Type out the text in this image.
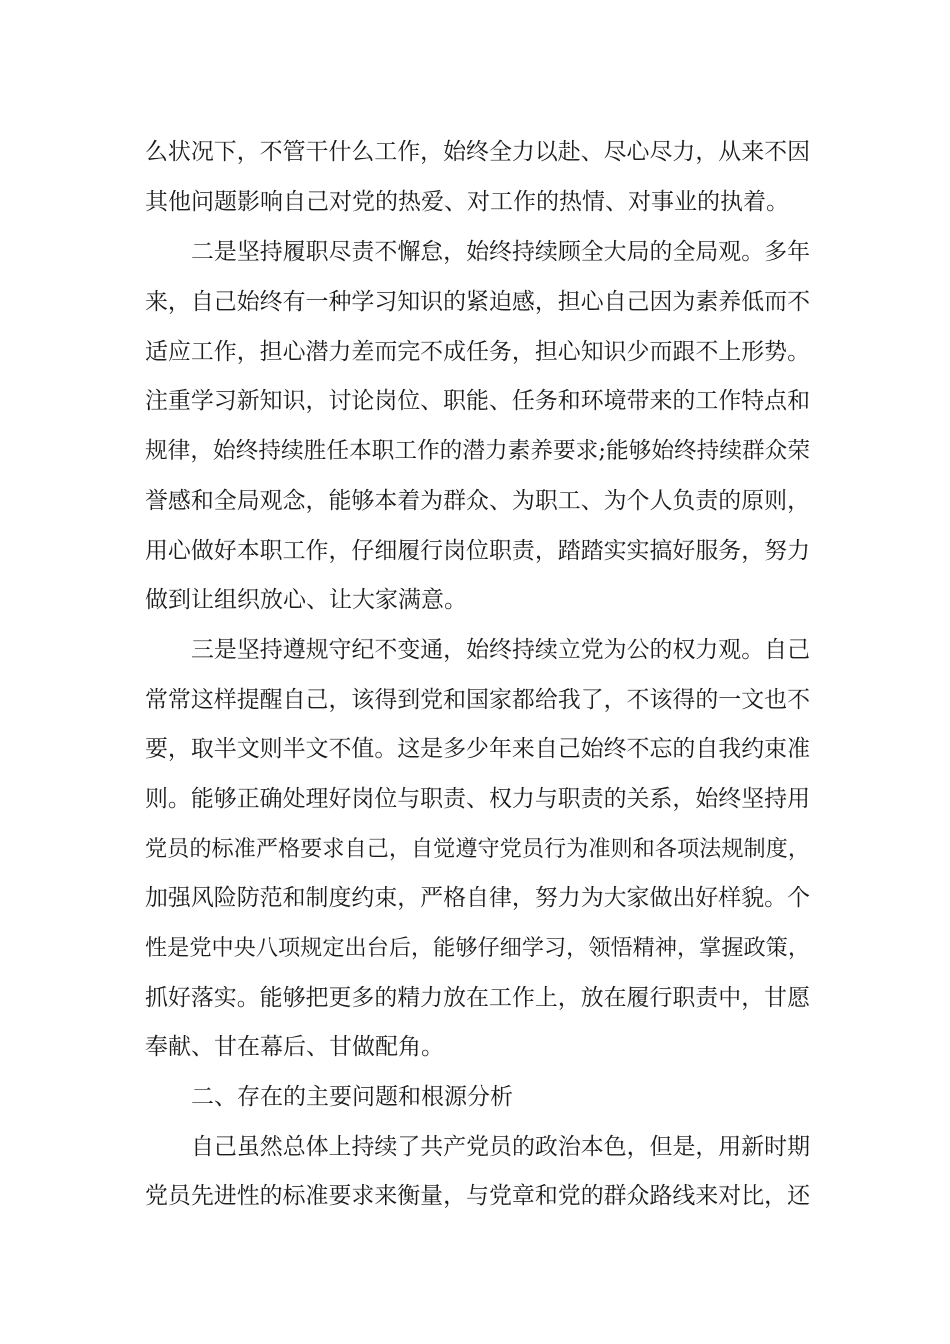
么状况下，不管干什么工作，始终全力以赴、尽心尽力，从来不因
其他问题影响自己对党的热爱、对工作的热情、对事业的执着。
二是坚持履职尽责不懈怠，始终持续顾全大局的全局观。多年
来，自己始终有一种学习知识的紧迫感，担心自己因为素养低而不
适应工作，担心潜力差而完不成任务，担心知识少而跟不上形势。
注重学习新知识，讨论岗位、职能、任务和环境带来的工作特点和
规律，始终持续胜任本职工作的潜力素养要求;能够始终持续群众荣
誉感和全局观念，能够本着为群众、为职工、为个人负责的原则，
用心做好本职工作，仔细履行岗位职责，踏踏实实搞好服务，努力
做到让组织放心、让大家满意。
三是坚持遵规守纪不变通，始终持续立党为公的权力观。自己
常常这样提醒自己，该得到党和国家都给我了，不该得的一文也不
要，取半文则半文不值。这是多少年来自己始终不忘的自我约束准
则。能够正确处理好岗位与职责、权力与职责的关系，始终坚持用
党员的标准严格要求自己，自觉遵守党员行为准则和各项法规制度，
加强风险防范和制度约束，严格自律，努力为大家做出好样貌。个
性是党中央八项规定出台后，能够仔细学习，领悟精神，掌握政策，
抓好落实。能够把更多的精力放在工作上，放在履行职责中，甘愿
奉献、甘在幕后、甘做配角。
二、存在的主要问题和根源分析
自己虽然总体上持续了共产党员的政治本色，但是，用新时期
党员先进性的标准要求来衡量，与党章和党的群众路线来对比，还
